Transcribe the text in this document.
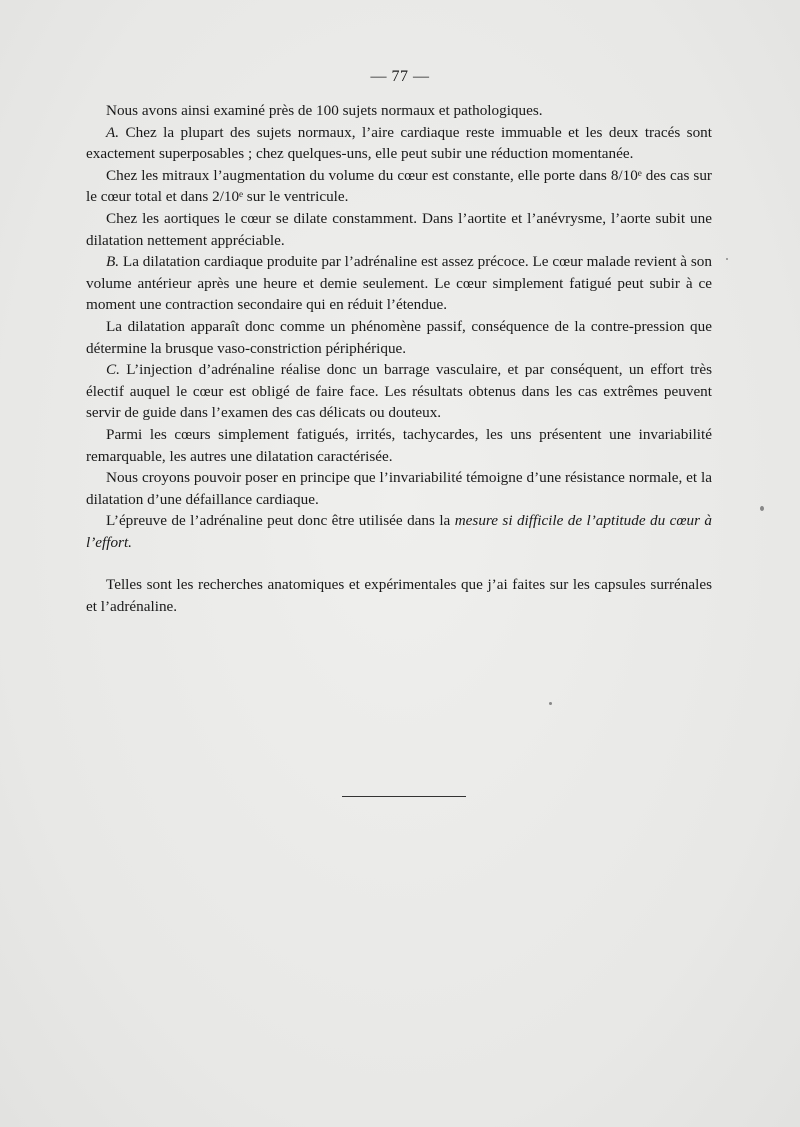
— 77 —

Nous avons ainsi examiné près de 100 sujets normaux et pathologiques.

A. Chez la plupart des sujets normaux, l’aire cardiaque reste immuable et les deux tracés sont exactement superposables ; chez quelques-uns, elle peut subir une réduction momentanée.

Chez les mitraux l’augmentation du volume du cœur est constante, elle porte dans 8/10ᵉ des cas sur le cœur total et dans 2/10ᵉ sur le ventricule.

Chez les aortiques le cœur se dilate constamment. Dans l’aortite et l’anévrysme, l’aorte subit une dilatation nettement appréciable.

B. La dilatation cardiaque produite par l’adrénaline est assez précoce. Le cœur malade revient à son volume antérieur après une heure et demie seulement. Le cœur simplement fatigué peut subir à ce moment une contraction secondaire qui en réduit l’étendue.

La dilatation apparaît donc comme un phénomène passif, conséquence de la contre-pression que détermine la brusque vaso-constriction périphérique.

C. L’injection d’adrénaline réalise donc un barrage vasculaire, et par conséquent, un effort très électif auquel le cœur est obligé de faire face. Les résultats obtenus dans les cas extrêmes peuvent servir de guide dans l’examen des cas délicats ou douteux.

Parmi les cœurs simplement fatigués, irrités, tachycardes, les uns présentent une invariabilité remarquable, les autres une dilatation caractérisée.

Nous croyons pouvoir poser en principe que l’invariabilité témoigne d’une résistance normale, et la dilatation d’une défaillance cardiaque.

L’épreuve de l’adrénaline peut donc être utilisée dans la mesure si difficile de l’aptitude du cœur à l’effort.

Telles sont les recherches anatomiques et expérimentales que j’ai faites sur les capsules surrénales et l’adrénaline.
